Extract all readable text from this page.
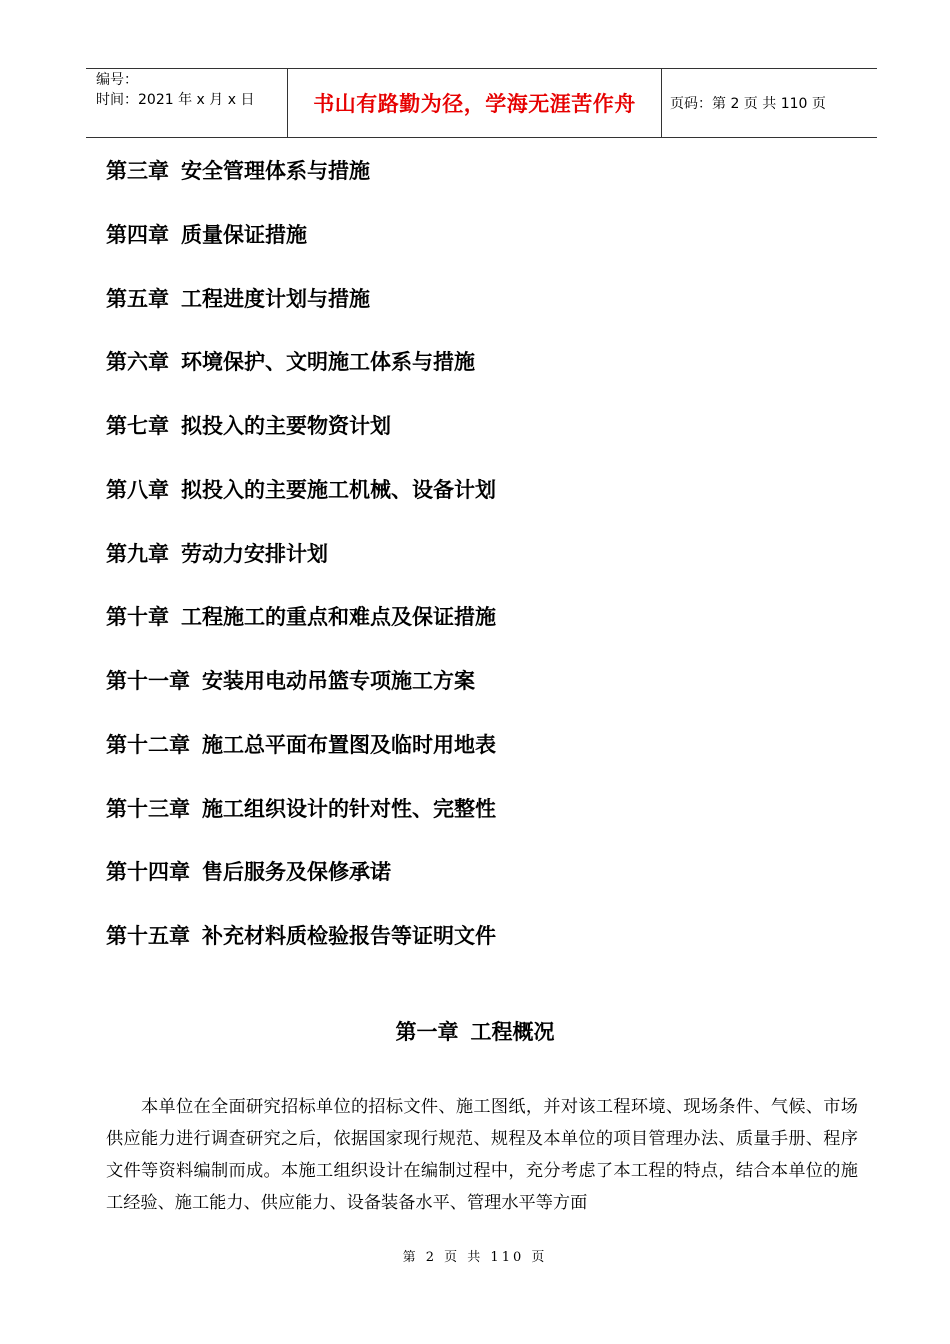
编号：
时间：2021 年 x 月 x 日	书山有路勤为径，学海无涯苦作舟 页码：第 2 页 共 110 页
第三章 安全管理体系与措施
第四章 质量保证措施
第五章 工程进度计划与措施
第六章 环境保护、文明施工体系与措施
第七章 拟投入的主要物资计划
第八章 拟投入的主要施工机械、设备计划
第九章 劳动力安排计划
第十章 工程施工的重点和难点及保证措施
第十一章 安装用电动吊篮专项施工方案
第十二章 施工总平面布置图及临时用地表
第十三章 施工组织设计的针对性、完整性
第十四章 售后服务及保修承诺
第十五章 补充材料质检验报告等证明文件
第一章 工程概况
本单位在全面研究招标单位的招标文件、施工图纸，并对该工程环境、现场条件、气候、市场供应能力进行调查研究之后，依据国家现行规范、规程及本单位的项目管理办法、质量手册、程序文件等资料编制而成。本施工组织设计在编制过程中，充分考虑了本工程的特点，结合本单位的施工经验、施工能力、供应能力、设备装备水平、管理水平等方面
第 2 页 共 110 页
